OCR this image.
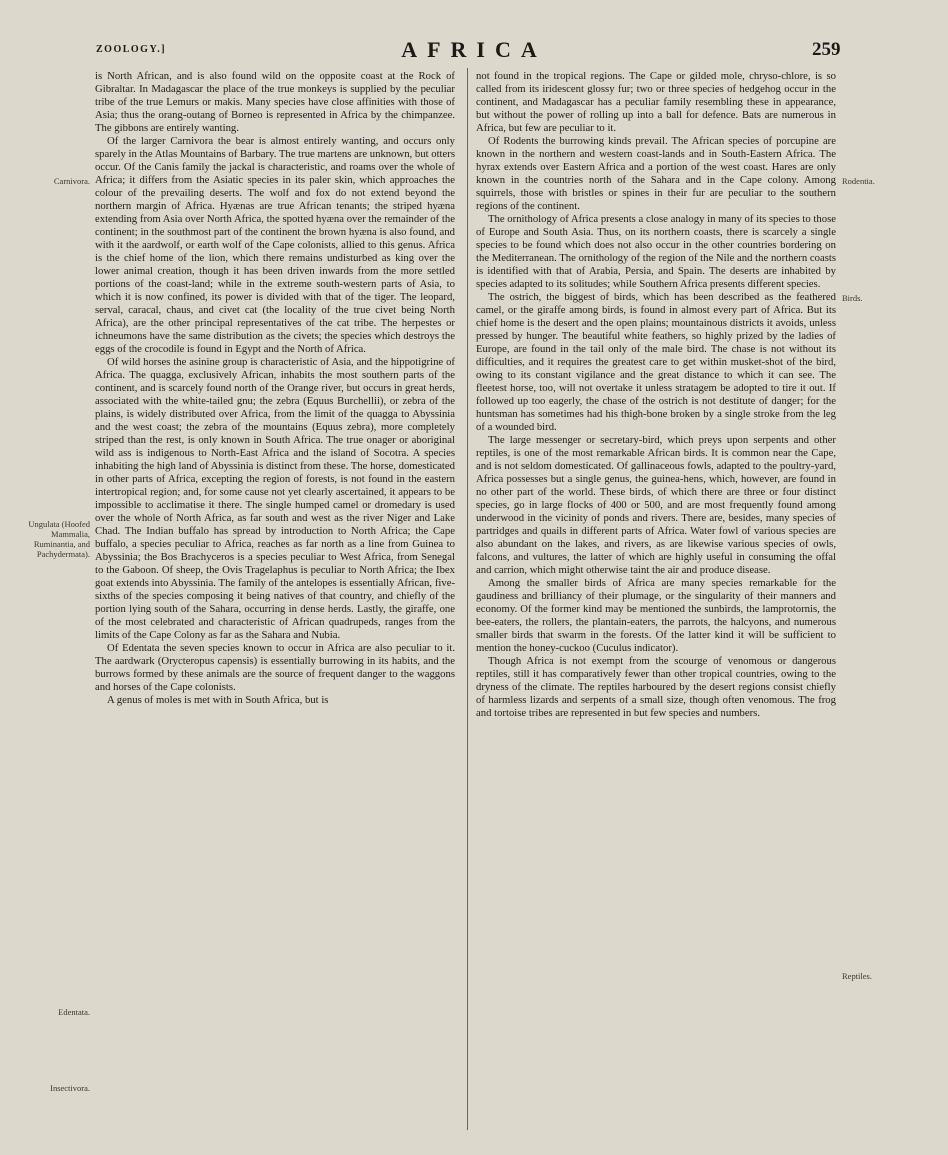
ZOOLOGY.]	AFRICA	259
Carnivora.
Ungulata (Hoofed Mammalia, Ruminantia, and Pachydermata).
Edentata.
Insectivora.
Rodentia.
Birds.
Reptiles.

is North African, and is also found wild on the opposite coast at the Rock of Gibraltar. In Madagascar the place of the true monkeys is supplied by the peculiar tribe of the true Lemurs or makis. Many species have close affinities with those of Asia; thus the orang-outang of Borneo is represented in Africa by the chimpanzee. The gibbons are entirely wanting.

Of the larger Carnivora the bear is almost entirely wanting, and occurs only sparely in the Atlas Mountains of Barbary. The true martens are unknown, but otters occur. Of the Canis family the jackal is characteristic, and roams over the whole of Africa; it differs from the Asiatic species in its paler skin, which approaches the colour of the prevailing deserts. The wolf and fox do not extend beyond the northern margin of Africa. Hyænas are true African tenants; the striped hyæna extending from Asia over North Africa, the spotted hyæna over the remainder of the continent; in the southmost part of the continent the brown hyæna is also found, and with it the aardwolf, or earth wolf of the Cape colonists, allied to this genus. Africa is the chief home of the lion, which there remains undisturbed as king over the lower animal creation, though it has been driven inwards from the more settled portions of the coast-land; while in the extreme south-western parts of Asia, to which it is now confined, its power is divided with that of the tiger. The leopard, serval, caracal, chaus, and civet cat (the locality of the true civet being North Africa), are the other principal representatives of the cat tribe. The herpestes or ichneumons have the same distribution as the civets; the species which destroys the eggs of the crocodile is found in Egypt and the North of Africa.

Of wild horses the asinine group is characteristic of Asia, and the hippotigrine of Africa. The quagga, exclusively African, inhabits the most southern parts of the continent, and is scarcely found north of the Orange river, but occurs in great herds, associated with the white-tailed gnu; the zebra (Equus Burchellii), or zebra of the plains, is widely distributed over Africa, from the limit of the quagga to Abyssinia and the west coast; the zebra of the mountains (Equus zebra), more completely striped than the rest, is only known in South Africa. The true onager or aboriginal wild ass is indigenous to North-East Africa and the island of Socotra. A species inhabiting the high land of Abyssinia is distinct from these. The horse, domesticated in other parts of Africa, excepting the region of forests, is not found in the eastern intertropical region; and, for some cause not yet clearly ascertained, it appears to be impossible to acclimatise it there. The single humped camel or dromedary is used over the whole of North Africa, as far south and west as the river Niger and Lake Chad. The Indian buffalo has spread by introduction to North Africa; the Cape buffalo, a species peculiar to Africa, reaches as far north as a line from Guinea to Abyssinia; the Bos Brachyceros is a species peculiar to West Africa, from Senegal to the Gaboon. Of sheep, the Ovis Tragelaphus is peculiar to North Africa; the Ibex goat extends into Abyssinia. The family of the antelopes is essentially African, five-sixths of the species composing it being natives of that country, and chiefly of the portion lying south of the Sahara, occurring in dense herds. Lastly, the giraffe, one of the most celebrated and characteristic of African quadrupeds, ranges from the limits of the Cape Colony as far as the Sahara and Nubia.

Of Edentata the seven species known to occur in Africa are also peculiar to it. The aardwark (Orycteropus capensis) is essentially burrowing in its habits, and the burrows formed by these animals are the source of frequent danger to the waggons and horses of the Cape colonists.

A genus of moles is met with in South Africa, but is

not found in the tropical regions. The Cape or gilded mole, chryso-chlore, is so called from its iridescent glossy fur; two or three species of hedgehog occur in the continent, and Madagascar has a peculiar family resembling these in appearance, but without the power of rolling up into a ball for defence. Bats are numerous in Africa, but few are peculiar to it.

Of Rodents the burrowing kinds prevail. The African species of porcupine are known in the northern and western coast-lands and in South-Eastern Africa. The hyrax extends over Eastern Africa and a portion of the west coast. Hares are only known in the countries north of the Sahara and in the Cape colony. Among squirrels, those with bristles or spines in their fur are peculiar to the southern regions of the continent.

The ornithology of Africa presents a close analogy in many of its species to those of Europe and South Asia. Thus, on its northern coasts, there is scarcely a single species to be found which does not also occur in the other countries bordering on the Mediterranean. The ornithology of the region of the Nile and the northern coasts is identified with that of Arabia, Persia, and Spain. The deserts are inhabited by species adapted to its solitudes; while Southern Africa presents different species.

The ostrich, the biggest of birds, which has been described as the feathered camel, or the giraffe among birds, is found in almost every part of Africa. But its chief home is the desert and the open plains; mountainous districts it avoids, unless pressed by hunger. The beautiful white feathers, so highly prized by the ladies of Europe, are found in the tail only of the male bird. The chase is not without its difficulties, and it requires the greatest care to get within musket-shot of the bird, owing to its constant vigilance and the great distance to which it can see. The fleetest horse, too, will not overtake it unless stratagem be adopted to tire it out. If followed up too eagerly, the chase of the ostrich is not destitute of danger; for the huntsman has sometimes had his thigh-bone broken by a single stroke from the leg of a wounded bird.

The large messenger or secretary-bird, which preys upon serpents and other reptiles, is one of the most remarkable African birds. It is common near the Cape, and is not seldom domesticated. Of gallinaceous fowls, adapted to the poultry-yard, Africa possesses but a single genus, the guinea-hens, which, however, are found in no other part of the world. These birds, of which there are three or four distinct species, go in large flocks of 400 or 500, and are most frequently found among underwood in the vicinity of ponds and rivers. There are, besides, many species of partridges and quails in different parts of Africa. Water fowl of various species are also abundant on the lakes, and rivers, as are likewise various species of owls, falcons, and vultures, the latter of which are highly useful in consuming the offal and carrion, which might otherwise taint the air and produce disease.

Among the smaller birds of Africa are many species remarkable for the gaudiness and brilliancy of their plumage, or the singularity of their manners and economy. Of the former kind may be mentioned the sunbirds, the lamprotornis, the bee-eaters, the rollers, the plantain-eaters, the parrots, the halcyons, and numerous smaller birds that swarm in the forests. Of the latter kind it will be sufficient to mention the honey-cuckoo (Cuculus indicator).

Though Africa is not exempt from the scourge of venomous or dangerous reptiles, still it has comparatively fewer than other tropical countries, owing to the dryness of the climate. The reptiles harboured by the desert regions consist chiefly of harmless lizards and serpents of a small size, though often venomous. The frog and tortoise tribes are represented in but few species and numbers.
